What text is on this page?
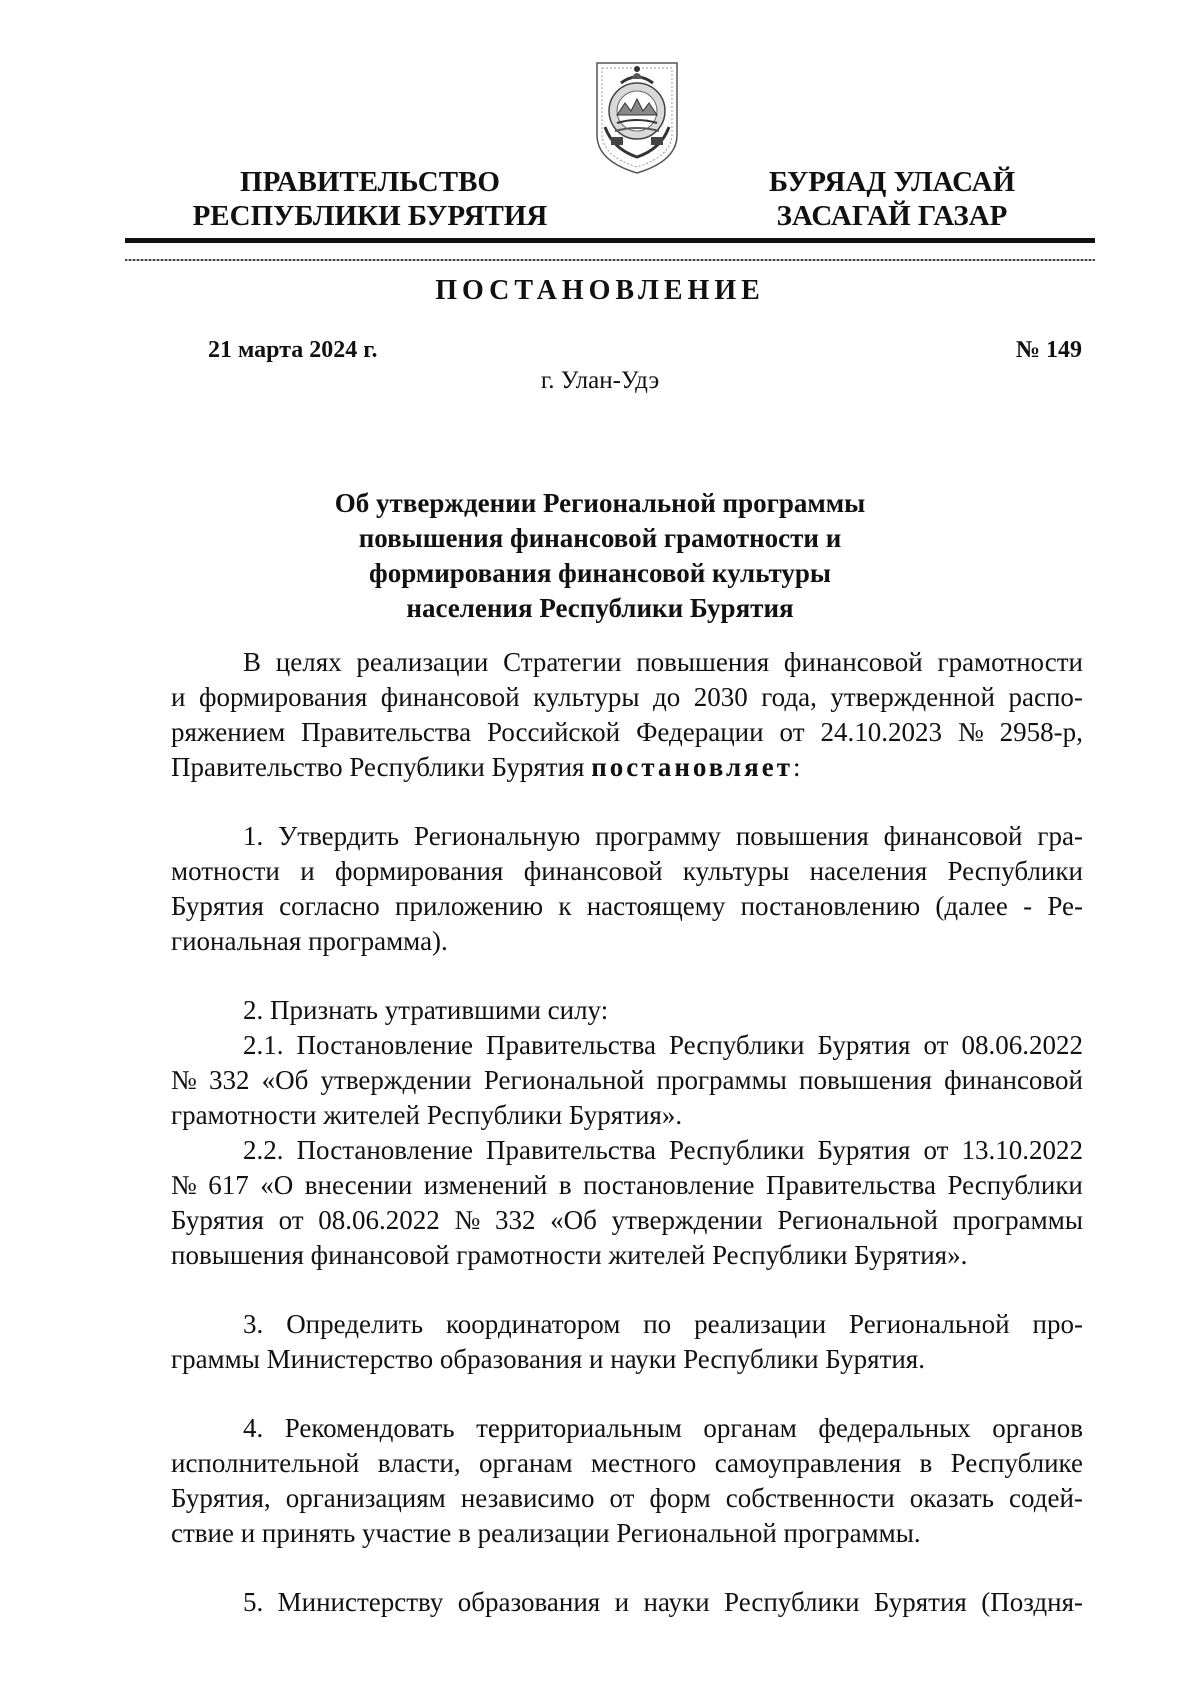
ПРАВИТЕЛЬСТВО
РЕСПУБЛИКИ БУРЯТИЯ
БУРЯАД УЛАСАЙ
ЗАСАГАЙ ГАЗАР
ПОСТАНОВЛЕНИЕ
21 марта 2024 г.	№ 149
г. Улан-Удэ
Об утверждении Региональной программы
повышения финансовой грамотности и
формирования финансовой культуры
населения Республики Бурятия
В целях реализации Стратегии повышения финансовой грамотности
и формирования финансовой культуры до 2030 года, утвержденной распо-
ряжением Правительства Российской Федерации от 24.10.2023 № 2958-р,
Правительство Республики Бурятия постановляет :
1. Утвердить Региональную программу повышения финансовой гра-
мотности и формирования финансовой культуры населения Республики
Бурятия согласно приложению к настоящему постановлению (далее - Ре-
гиональная программа).
2. Признать утратившими силу:
2.1. Постановление Правительства Республики Бурятия от 08.06.2022
№ 332 «Об утверждении Региональной программы повышения финансовой
грамотности жителей Республики Бурятия».
2.2. Постановление Правительства Республики Бурятия от 13.10.2022
№ 617 «О внесении изменений в постановление Правительства Республики
Бурятия от 08.06.2022 № 332 «Об утверждении Региональной программы
повышения финансовой грамотности жителей Республики Бурятия».
3. Определить координатором по реализации Региональной про-
граммы Министерство образования и науки Республики Бурятия.
4. Рекомендовать территориальным органам федеральных органов
исполнительной власти, органам местного самоуправления в Республике
Бурятия, организациям независимо от форм собственности оказать содей-
ствие и принять участие в реализации Региональной программы.
5. Министерству образования и науки Республики Бурятия (Поздня-
